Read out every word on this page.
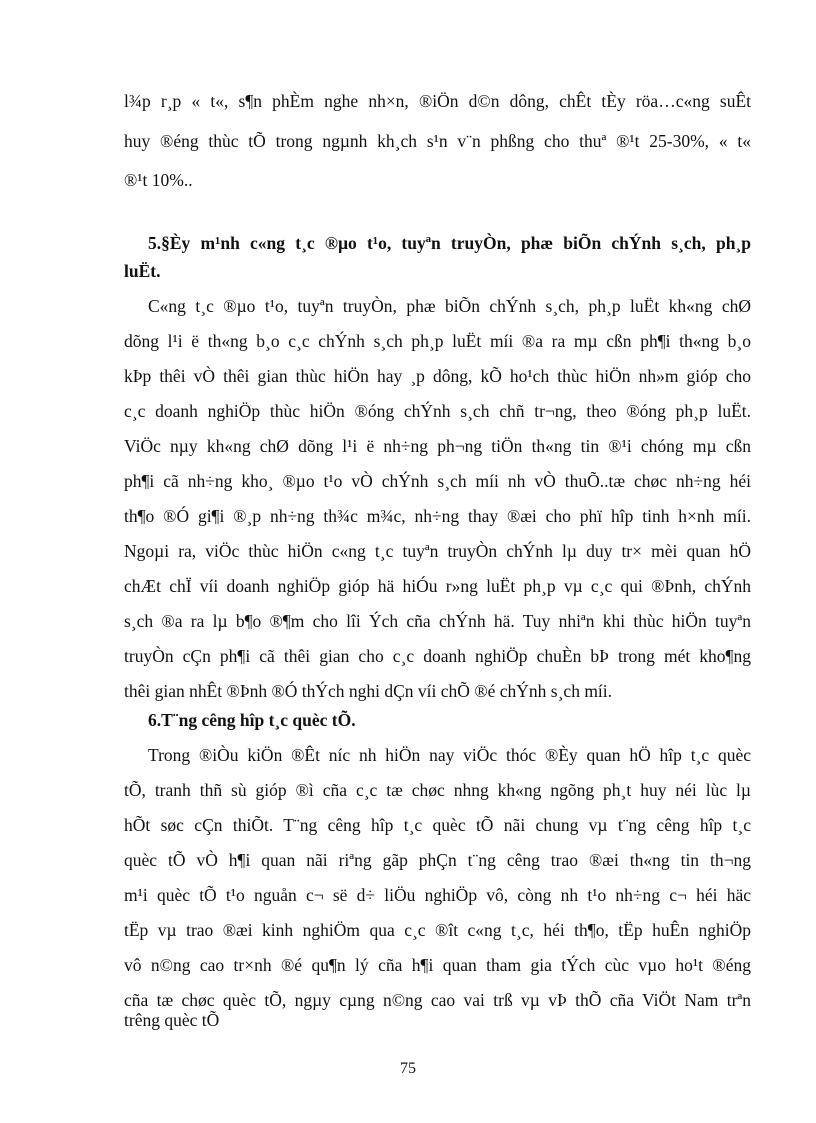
l¾p r¸p « t«, s¶n phÈm nghe nh×n, ®iÖn d©n dông, chÊt tÈy röa…c«ng suÊt
huy ®éng thùc tÕ trong ngµnh kh¸ch s¹n v¨n phßng cho thuª ®¹t 25-30%, « t«
®¹t 10%..
5.§Èy m¹nh c«ng t¸c ®µo t¹o, tuyªn truyÒn, phæ biÕn chÝnh s¸ch, ph¸p
luËt.
C«ng t¸c ®µo t¹o, tuyªn truyÒn, phæ biÕn chÝnh s¸ch, ph¸p luËt kh«ng chØ
dõng l¹i ë th«ng b¸o c¸c chÝnh s¸ch ph¸p luËt míi ®a ra mµ cßn ph¶i th«ng b¸o
kÞp thêi vÒ thêi gian thùc hiÖn hay ¸p dông, kÕ ho¹ch thùc hiÖn nh»m gióp cho
c¸c doanh nghiÖp thùc hiÖn ®óng chÝnh s¸ch chñ tr¬ng, theo ®óng ph¸p luËt.
ViÖc nµy kh«ng chØ dõng l¹i ë nh÷ng ph¬ng tiÖn th«ng tin ®¹i chóng mµ cßn
ph¶i cã nh÷ng kho¸ ®µo t¹o vÒ chÝnh s¸ch míi nh vÒ thuÕ..tæ chøc nh÷ng héi
th¶o ®Ó gi¶i ®¸p nh÷ng th¾c m¾c, nh÷ng thay ®æi cho phï hîp tinh h×nh míi.
Ngoµi ra, viÖc thùc hiÖn c«ng t¸c tuyªn truyÒn chÝnh lµ duy tr× mèi quan hÖ
chÆt chÏ víi doanh nghiÖp gióp hä hiÓu r»ng luËt ph¸p vµ c¸c qui ®Þnh, chÝnh
s¸ch ®a ra lµ b¶o ®¶m cho lîi Ých cña chÝnh hä. Tuy nhiªn khi thùc hiÖn tuyªn
truyÒn cÇn ph¶i cã thêi gian cho c¸c doanh nghiÖp chuÈn bÞ trong mét kho¶ng
thêi gian nhÊt ®Þnh ®Ó thÝch nghi dÇn víi chÕ ®é chÝnh s¸ch míi.
6.T¨ng cêng hîp t¸c quèc tÕ.
Trong ®iÒu kiÖn ®Êt níc nh hiÖn nay viÖc thóc ®Èy quan hÖ hîp t¸c quèc
tÕ, tranh thñ sù gióp ®ì cña c¸c tæ chøc nhng kh«ng ngõng ph¸t huy néi lùc lµ
hÕt søc cÇn thiÕt. T¨ng cêng hîp t¸c quèc tÕ nãi chung vµ t¨ng cêng hîp t¸c
quèc tÕ vÒ h¶i quan nãi riªng gãp phÇn t¨ng cêng trao ®æi th«ng tin th¬ng
m¹i quèc tÕ t¹o nguån c¬ së d÷ liÖu nghiÖp vô, còng nh t¹o nh÷ng c¬ héi häc
tËp vµ trao ®æi kinh nghiÖm qua c¸c ®ît c«ng t¸c, héi th¶o, tËp huÊn nghiÖp
vô n©ng cao tr×nh ®é qu¶n lý cña h¶i quan tham gia tÝch cùc vµo ho¹t ®éng
cña tæ chøc quèc tÕ, ngµy cµng n©ng cao vai trß vµ vÞ thÕ cña ViÖt Nam trªn
75
trêng quèc tÕ
